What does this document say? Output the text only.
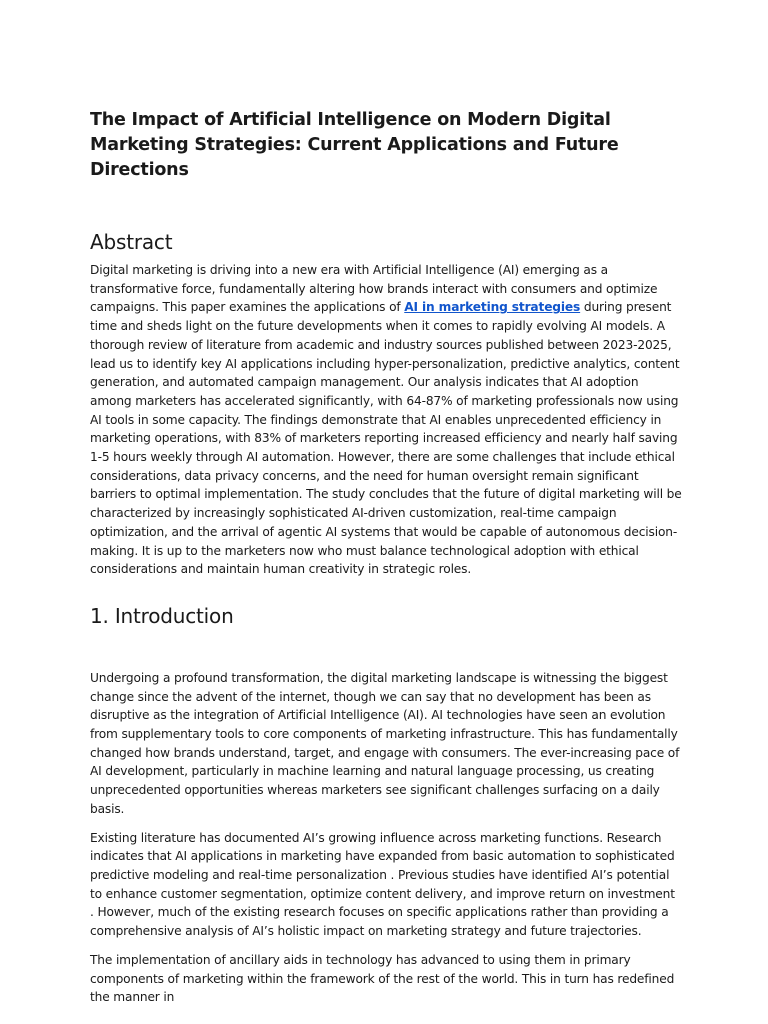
The Impact of Artificial Intelligence on Modern Digital Marketing Strategies: Current Applications and Future Directions
Abstract

Digital marketing is driving into a new era with Artificial Intelligence (AI) emerging as a transformative force, fundamentally altering how brands interact with consumers and optimize campaigns. This paper examines the applications of AI in marketing strategies during present time and sheds light on the future developments when it comes to rapidly evolving AI models. A thorough review of literature from academic and industry sources published between 2023-2025, lead us to identify key AI applications including hyper-personalization, predictive analytics, content generation, and automated campaign management. Our analysis indicates that AI adoption among marketers has accelerated significantly, with 64-87% of marketing professionals now using AI tools in some capacity. The findings demonstrate that AI enables unprecedented efficiency in marketing operations, with 83% of marketers reporting increased efficiency and nearly half saving 1-5 hours weekly through AI automation. However, there are some challenges that include ethical considerations, data privacy concerns, and the need for human oversight remain significant barriers to optimal implementation. The study concludes that the future of digital marketing will be characterized by increasingly sophisticated AI-driven customization, real-time campaign optimization, and the arrival of agentic AI systems that would be capable of autonomous decision-making. It is up to the marketers now who must balance technological adoption with ethical considerations and maintain human creativity in strategic roles.

1. Introduction

Undergoing a profound transformation, the digital marketing landscape is witnessing the biggest change since the advent of the internet, though we can say that no development has been as disruptive as the integration of Artificial Intelligence (AI). AI technologies have seen an evolution from supplementary tools to core components of marketing infrastructure. This has fundamentally changed how brands understand, target, and engage with consumers. The ever-increasing pace of AI development, particularly in machine learning and natural language processing, us creating unprecedented opportunities whereas marketers see significant challenges surfacing on a daily basis.

Existing literature has documented AI’s growing influence across marketing functions. Research indicates that AI applications in marketing have expanded from basic automation to sophisticated predictive modeling and real-time personalization . Previous studies have identified AI’s potential to enhance customer segmentation, optimize content delivery, and improve return on investment . However, much of the existing research focuses on specific applications rather than providing a comprehensive analysis of AI’s holistic impact on marketing strategy and future trajectories.

The implementation of ancillary aids in technology has advanced to using them in primary components of marketing within the framework of the rest of the world. This in turn has redefined the manner in
